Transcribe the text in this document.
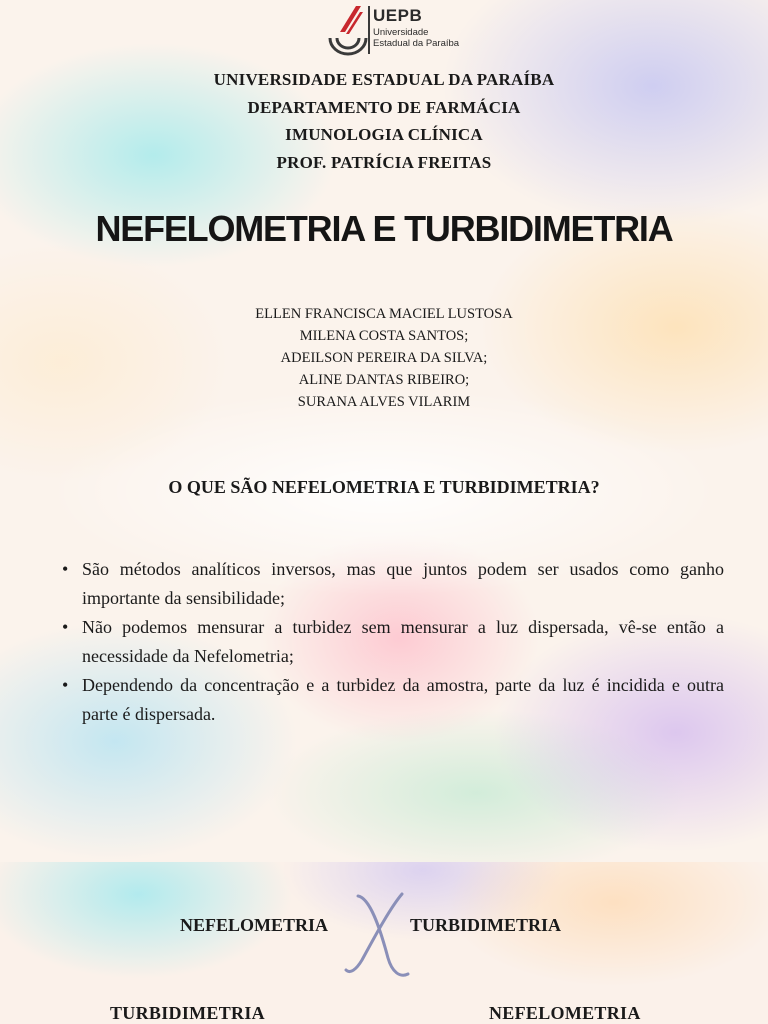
UEPB
Universidade
Estadual da Paraíba
UNIVERSIDADE ESTADUAL DA PARAÍBA
DEPARTAMENTO DE FARMÁCIA
IMUNOLOGIA CLÍNICA
PROF. PATRÍCIA FREITAS
NEFELOMETRIA E TURBIDIMETRIA
ELLEN FRANCISCA MACIEL LUSTOSA
MILENA COSTA SANTOS;
ADEILSON PEREIRA DA SILVA;
ALINE DANTAS RIBEIRO;
SURANA ALVES VILARIM
O QUE SÃO NEFELOMETRIA E TURBIDIMETRIA?
• São métodos analíticos inversos, mas que juntos podem ser usados como ganho importante da sensibilidade;
• Não podemos mensurar a turbidez sem mensurar a luz dispersada, vê-se então a necessidade da Nefelometria;
• Dependendo da concentração e a turbidez da amostra, parte da luz é incidida e outra parte é dispersada.
NEFELOMETRIA	TURBIDIMETRIA
TURBIDIMETRIA	NEFELOMETRIA
